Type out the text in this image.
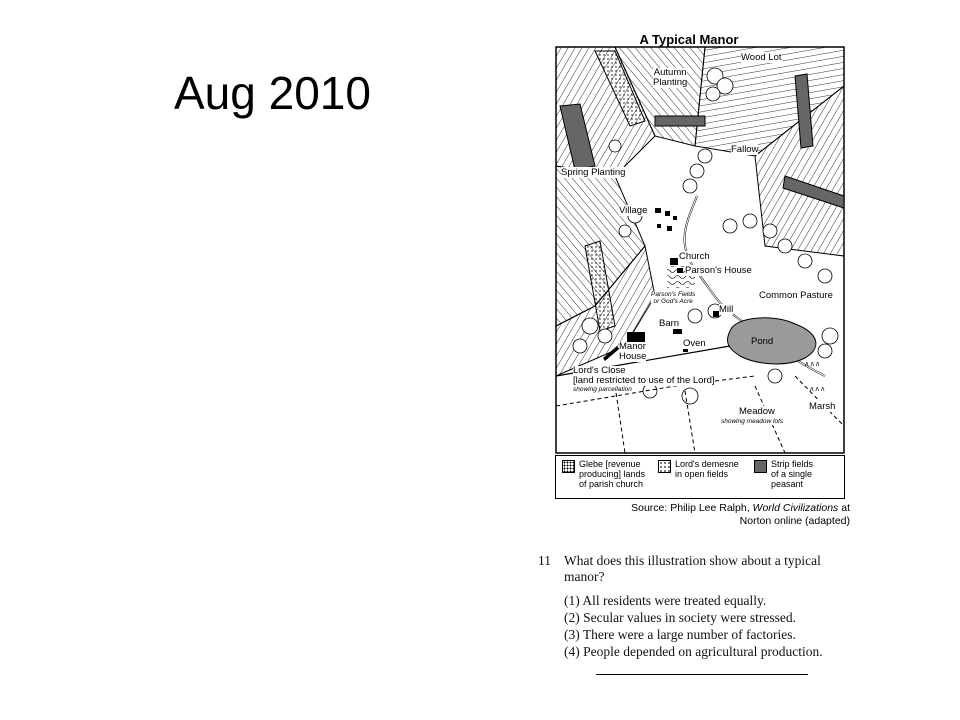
Aug 2010
A Typical Manor
ʌ ʌ ʌ
ʌ ʌ ʌ
Wood Lot
Autumn
Planting
Fallow
Spring Planting
Village
Church
Parson's House
Parson's Fields
or God's Acre
Mill
Common Pasture
Barn
Pond
Manor
House
Oven
Lord's Close
[land restricted to use of the Lord]
showing parcellation
Meadow
showing meadow lots
Marsh
Glebe [revenue
producing] lands
of parish church
Lord's demesne
in open fields
Strip fields
of a single
peasant
Source: Philip Lee Ralph, World Civilizations at
Norton online (adapted)
11 What does this illustration show about a typical manor?
(1) All residents were treated equally.
(2) Secular values in society were stressed.
(3) There were a large number of factories.
(4) People depended on agricultural production.
